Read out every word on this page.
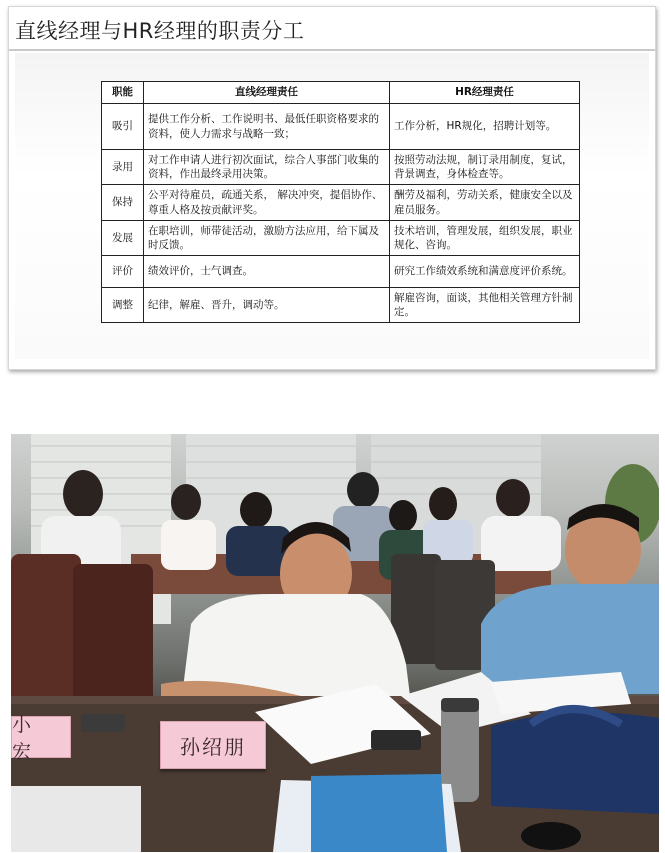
直线经理与HR经理的职责分工
职能	直线经理责任	HR经理责任
吸引	提供工作分析、工作说明书、最低任职资格要求的资料，使人力需求与战略一致；	工作分析，HR规化，招聘计划等。
录用	对工作申请人进行初次面试，综合人事部门收集的资料，作出最终录用决策。	按照劳动法规，制订录用制度，复试，背景调查，身体检查等。
保持	公平对待雇员，疏通关系， 解决冲突，提倡协作、尊重人格及按贡献评奖。	酬劳及福利，劳动关系，健康安全以及雇员服务。
发展	在职培训，师带徒活动，激励方法应用，给下属及时反馈。	技术培训，管理发展，组织发展，职业规化、咨询。
评价	绩效评价，士气调查。	研究工作绩效系统和满意度评价系统。
调整	纪律，解雇、晋升，调动等。	解雇咨询，面谈，其他相关管理方针制定。
小宏	孙绍朋
